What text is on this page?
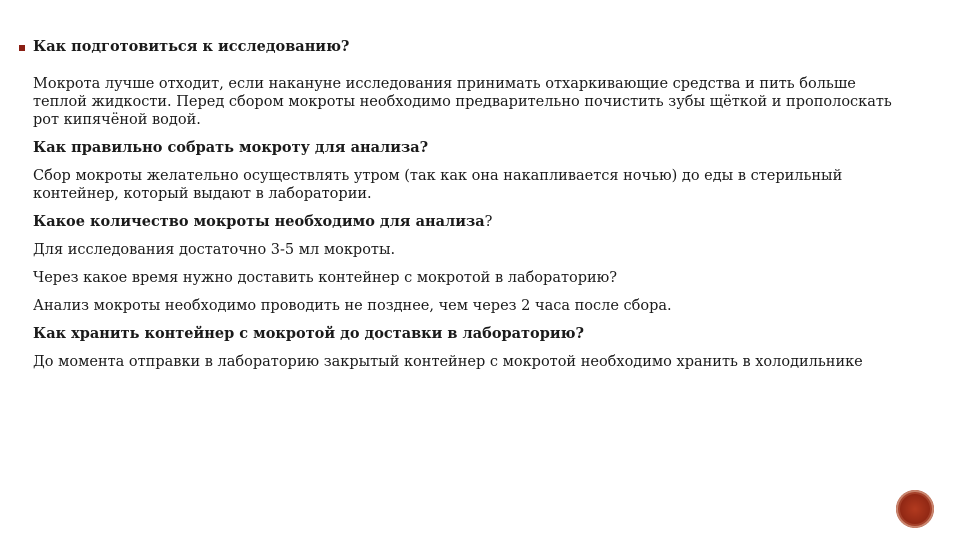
Как подготовиться к исследованию?
Мокрота лучше отходит, если накануне исследования принимать отхаркивающие средства и пить больше теплой жидкости. Перед сбором мокроты необходимо предварительно почистить зубы щёткой и прополоскать рот кипячёной водой.
Как правильно собрать мокроту для анализа?
Сбор мокроты желательно осуществлять утром (так как она накапливается ночью) до еды в стерильный контейнер, который выдают в лаборатории.
Какое количество мокроты необходимо для анализа?
Для исследования достаточно 3-5 мл мокроты.
Через какое время нужно доставить контейнер с мокротой в лабораторию?
Анализ мокроты необходимо проводить не позднее, чем через 2 часа после сбора.
Как хранить контейнер с мокротой до доставки в лабораторию?
До момента отправки в лабораторию закрытый контейнер с мокротой необходимо хранить в холодильнике
